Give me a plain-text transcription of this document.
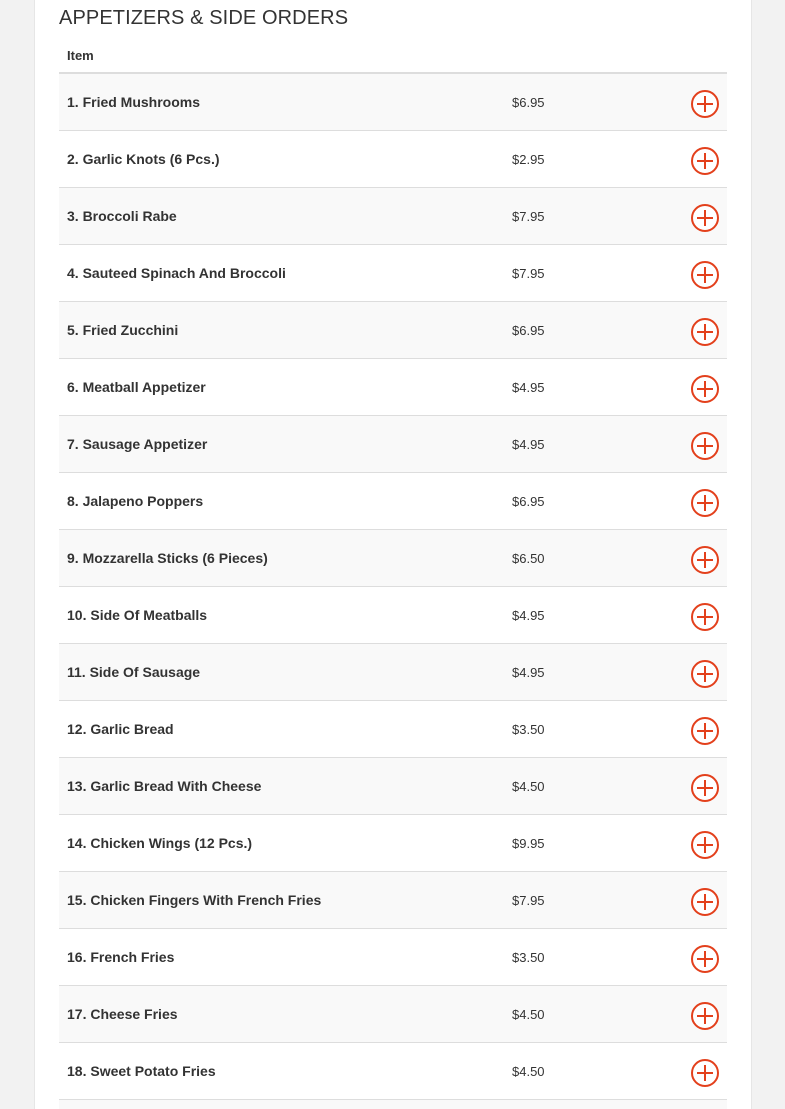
APPETIZERS & SIDE ORDERS
Item
1. Fried Mushrooms	$6.95
2. Garlic Knots (6 Pcs.)	$2.95
3. Broccoli Rabe	$7.95
4. Sauteed Spinach And Broccoli	$7.95
5. Fried Zucchini	$6.95
6. Meatball Appetizer	$4.95
7. Sausage Appetizer	$4.95
8. Jalapeno Poppers	$6.95
9. Mozzarella Sticks (6 Pieces)	$6.50
10. Side Of Meatballs	$4.95
11. Side Of Sausage	$4.95
12. Garlic Bread	$3.50
13. Garlic Bread With Cheese	$4.50
14. Chicken Wings (12 Pcs.)	$9.95
15. Chicken Fingers With French Fries	$7.95
16. French Fries	$3.50
17. Cheese Fries	$4.50
18. Sweet Potato Fries	$4.50
